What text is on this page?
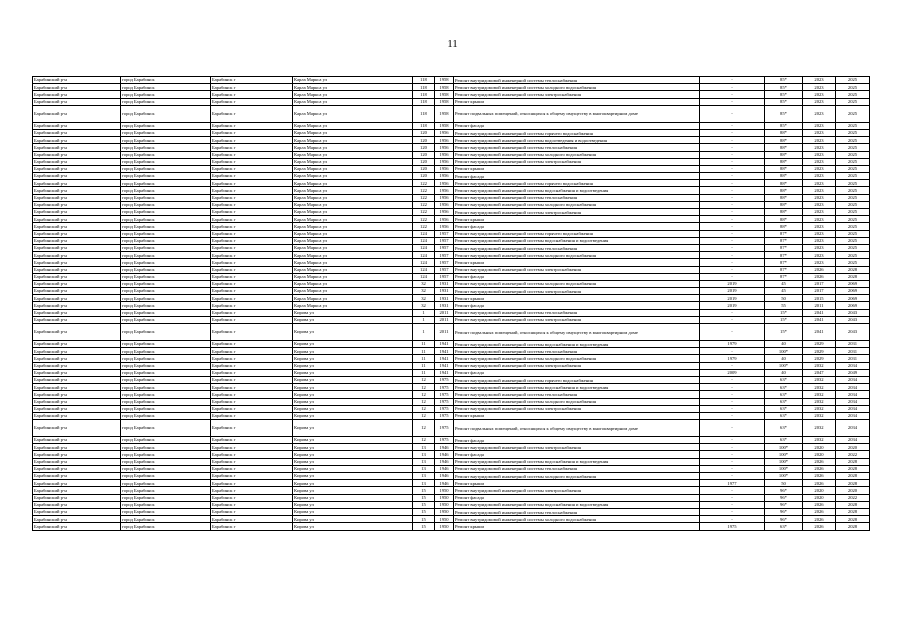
11
Барабинский р-н	город Барабинск	Барабинск г	Карла Маркса ул	118	1958	Ремонт внутридомовой инженерной системы теплоснабжения	-	85*	2023	2025
Барабинский р-н	город Барабинск	Барабинск г	Карла Маркса ул	118	1958	Ремонт внутридомовой инженерной системы холодного водоснабжения	-	85*	2023	2025
Барабинский р-н	город Барабинск	Барабинск г	Карла Маркса ул	118	1958	Ремонт внутридомовой инженерной системы электроснабжения	-	85*	2023	2025
Барабинский р-н	город Барабинск	Барабинск г	Карла Маркса ул	118	1958	Ремонт крыши	-	85*	2023	2025
Барабинский р-н	город Барабинск	Барабинск г	Карла Маркса ул	118	1958	Ремонт подвальных помещений, относящихся к общему имуществу в многоквартирном доме	-	85*	2023	2025
Барабинский р-н	город Барабинск	Барабинск г	Карла Маркса ул	118	1958	Ремонт фасада	-	85*	2023	2025
Барабинский р-н	город Барабинск	Барабинск г	Карла Маркса ул	120	1956	Ремонт внутридомовой инженерной системы горячего водоснабжения	-	88*	2023	2025
Барабинский р-н	город Барабинск	Барабинск г	Карла Маркса ул	120	1956	Ремонт внутридомовой инженерной системы водоотведения и водоотведения	-	88*	2023	2025
Барабинский р-н	город Барабинск	Барабинск г	Карла Маркса ул	120	1956	Ремонт внутридомовой инженерной системы теплоснабжения	-	88*	2023	2025
Барабинский р-н	город Барабинск	Барабинск г	Карла Маркса ул	120	1956	Ремонт внутридомовой инженерной системы холодного водоснабжения	-	88*	2023	2025
Барабинский р-н	город Барабинск	Барабинск г	Карла Маркса ул	120	1956	Ремонт внутридомовой инженерной системы электроснабжения	-	88*	2023	2025
Барабинский р-н	город Барабинск	Барабинск г	Карла Маркса ул	120	1956	Ремонт крыши	-	88*	2023	2025
Барабинский р-н	город Барабинск	Барабинск г	Карла Маркса ул	120	1956	Ремонт фасада	-	88*	2023	2025
Барабинский р-н	город Барабинск	Барабинск г	Карла Маркса ул	122	1956	Ремонт внутридомовой инженерной системы горячего водоснабжения	-	88*	2023	2025
Барабинский р-н	город Барабинск	Барабинск г	Карла Маркса ул	122	1956	Ремонт внутридомовой инженерной системы водоснабжения и водоотведения	-	88*	2023	2025
Барабинский р-н	город Барабинск	Барабинск г	Карла Маркса ул	122	1956	Ремонт внутридомовой инженерной системы теплоснабжения	-	88*	2023	2025
Барабинский р-н	город Барабинск	Барабинск г	Карла Маркса ул	122	1956	Ремонт внутридомовой инженерной системы холодного водоснабжения	-	88*	2023	2025
Барабинский р-н	город Барабинск	Барабинск г	Карла Маркса ул	122	1956	Ремонт внутридомовой инженерной системы электроснабжения	-	88*	2023	2025
Барабинский р-н	город Барабинск	Барабинск г	Карла Маркса ул	122	1956	Ремонт крыши	-	88*	2023	2025
Барабинский р-н	город Барабинск	Барабинск г	Карла Маркса ул	122	1956	Ремонт фасада	-	88*	2023	2025
Барабинский р-н	город Барабинск	Барабинск г	Карла Маркса ул	124	1957	Ремонт внутридомовой инженерной системы горячего водоснабжения	-	87*	2023	2025
Барабинский р-н	город Барабинск	Барабинск г	Карла Маркса ул	124	1957	Ремонт внутридомовой инженерной системы водоснабжения и водоотведения	-	87*	2023	2025
Барабинский р-н	город Барабинск	Барабинск г	Карла Маркса ул	124	1957	Ремонт внутридомовой инженерной системы теплоснабжения	-	87*	2023	2025
Барабинский р-н	город Барабинск	Барабинск г	Карла Маркса ул	124	1957	Ремонт внутридомовой инженерной системы холодного водоснабжения	-	87*	2023	2025
Барабинский р-н	город Барабинск	Барабинск г	Карла Маркса ул	124	1957	Ремонт крыши	-	87*	2023	2025
Барабинский р-н	город Барабинск	Барабинск г	Карла Маркса ул	124	1957	Ремонт внутридомовой инженерной системы электроснабжения	-	87*	2026	2028
Барабинский р-н	город Барабинск	Барабинск г	Карла Маркса ул	124	1957	Ремонт фасада	-	87*	2026	2028
Барабинский р-н	город Барабинск	Барабинск г	Карла Маркса ул	32	1931	Ремонт внутридомовой инженерной системы холодного водоснабжения	2019	45	2017	2069
Барабинский р-н	город Барабинск	Барабинск г	Карла Маркса ул	32	1931	Ремонт внутридомовой инженерной системы электроснабжения	2019	45	2017	2069
Барабинский р-н	город Барабинск	Барабинск г	Карла Маркса ул	32	1931	Ремонт крыши	2019	50	2015	2069
Барабинский р-н	город Барабинск	Барабинск г	Карла Маркса ул	32	1931	Ремонт фасада	2019	55	2011	2069
Барабинский р-н	город Барабинск	Барабинск г	Кирова ул	1	2011	Ремонт внутридомовой инженерной системы теплоснабжения	-	15*	2041	2043
Барабинский р-н	город Барабинск	Барабинск г	Кирова ул	1	2011	Ремонт внутридомовой инженерной системы электроснабжения	-	15*	2041	2043
Барабинский р-н	город Барабинск	Барабинск г	Кирова ул	1	2011	Ремонт подвальных помещений, относящихся к общему имуществу в многоквартирном доме	-	15*	2041	2043
Барабинский р-н	город Барабинск	Барабинск г	Кирова ул	11	1941	Ремонт внутридомовой инженерной системы водоснабжения и водоотведения	1979	40	2029	2031
Барабинский р-н	город Барабинск	Барабинск г	Кирова ул	11	1941	Ремонт внутридомовой инженерной системы теплоснабжения	-	100*	2029	2031
Барабинский р-н	город Барабинск	Барабинск г	Кирова ул	11	1941	Ремонт внутридомовой инженерной системы холодного водоснабжения	1979	40	2029	2031
Барабинский р-н	город Барабинск	Барабинск г	Кирова ул	11	1941	Ремонт внутридомовой инженерной системы электроснабжения	-	100*	2032	2034
Барабинский р-н	город Барабинск	Барабинск г	Кирова ул	11	1941	Ремонт фасада	2009	40	2047	2049
Барабинский р-н	город Барабинск	Барабинск г	Кирова ул	12	1975	Ремонт внутридомовой инженерной системы горячего водоснабжения	-	63*	2032	2034
Барабинский р-н	город Барабинск	Барабинск г	Кирова ул	12	1975	Ремонт внутридомовой инженерной системы водоснабжения и водоотведения	-	63*	2032	2034
Барабинский р-н	город Барабинск	Барабинск г	Кирова ул	12	1975	Ремонт внутридомовой инженерной системы теплоснабжения	-	63*	2032	2034
Барабинский р-н	город Барабинск	Барабинск г	Кирова ул	12	1975	Ремонт внутридомовой инженерной системы холодного водоснабжения	-	63*	2032	2034
Барабинский р-н	город Барабинск	Барабинск г	Кирова ул	12	1975	Ремонт внутридомовой инженерной системы электроснабжения	-	63*	2032	2034
Барабинский р-н	город Барабинск	Барабинск г	Кирова ул	12	1975	Ремонт крыши	-	63*	2032	2034
Барабинский р-н	город Барабинск	Барабинск г	Кирова ул	12	1975	Ремонт подвальных помещений, относящихся к общему имуществу в многоквартирном доме	-	63*	2032	2034
Барабинский р-н	город Барабинск	Барабинск г	Кирова ул	12	1975	Ремонт фасада	-	63*	2032	2034
Барабинский р-н	город Барабинск	Барабинск г	Кирова ул	13	1946	Ремонт внутридомовой инженерной системы электроснабжения	-	100*	2020	2020
Барабинский р-н	город Барабинск	Барабинск г	Кирова ул	13	1946	Ремонт фасада	-	100*	2020	2022
Барабинский р-н	город Барабинск	Барабинск г	Кирова ул	13	1946	Ремонт внутридомовой инженерной системы водоснабжения и водоотведения	-	100*	2026	2028
Барабинский р-н	город Барабинск	Барабинск г	Кирова ул	13	1946	Ремонт внутридомовой инженерной системы теплоснабжения	-	100*	2026	2028
Барабинский р-н	город Барабинск	Барабинск г	Кирова ул	13	1946	Ремонт внутридомовой инженерной системы холодного водоснабжения	-	100*	2026	2028
Барабинский р-н	город Барабинск	Барабинск г	Кирова ул	13	1946	Ремонт крыши	1977	50	2026	2028
Барабинский р-н	город Барабинск	Барабинск г	Кирова ул	15	1950	Ремонт внутридомовой инженерной системы электроснабжения	-	96*	2020	2020
Барабинский р-н	город Барабинск	Барабинск г	Кирова ул	15	1950	Ремонт фасада	-	96*	2020	2022
Барабинский р-н	город Барабинск	Барабинск г	Кирова ул	15	1950	Ремонт внутридомовой инженерной системы водоснабжения и водоотведения	-	96*	2026	2028
Барабинский р-н	город Барабинск	Барабинск г	Кирова ул	15	1950	Ремонт внутридомовой инженерной системы теплоснабжения	-	96*	2026	2028
Барабинский р-н	город Барабинск	Барабинск г	Кирова ул	15	1950	Ремонт внутридомовой инженерной системы холодного водоснабжения	-	96*	2026	2028
Барабинский р-н	город Барабинск	Барабинск г	Кирова ул	15	1950	Ремонт крыши	1975	63*	2026	2028
